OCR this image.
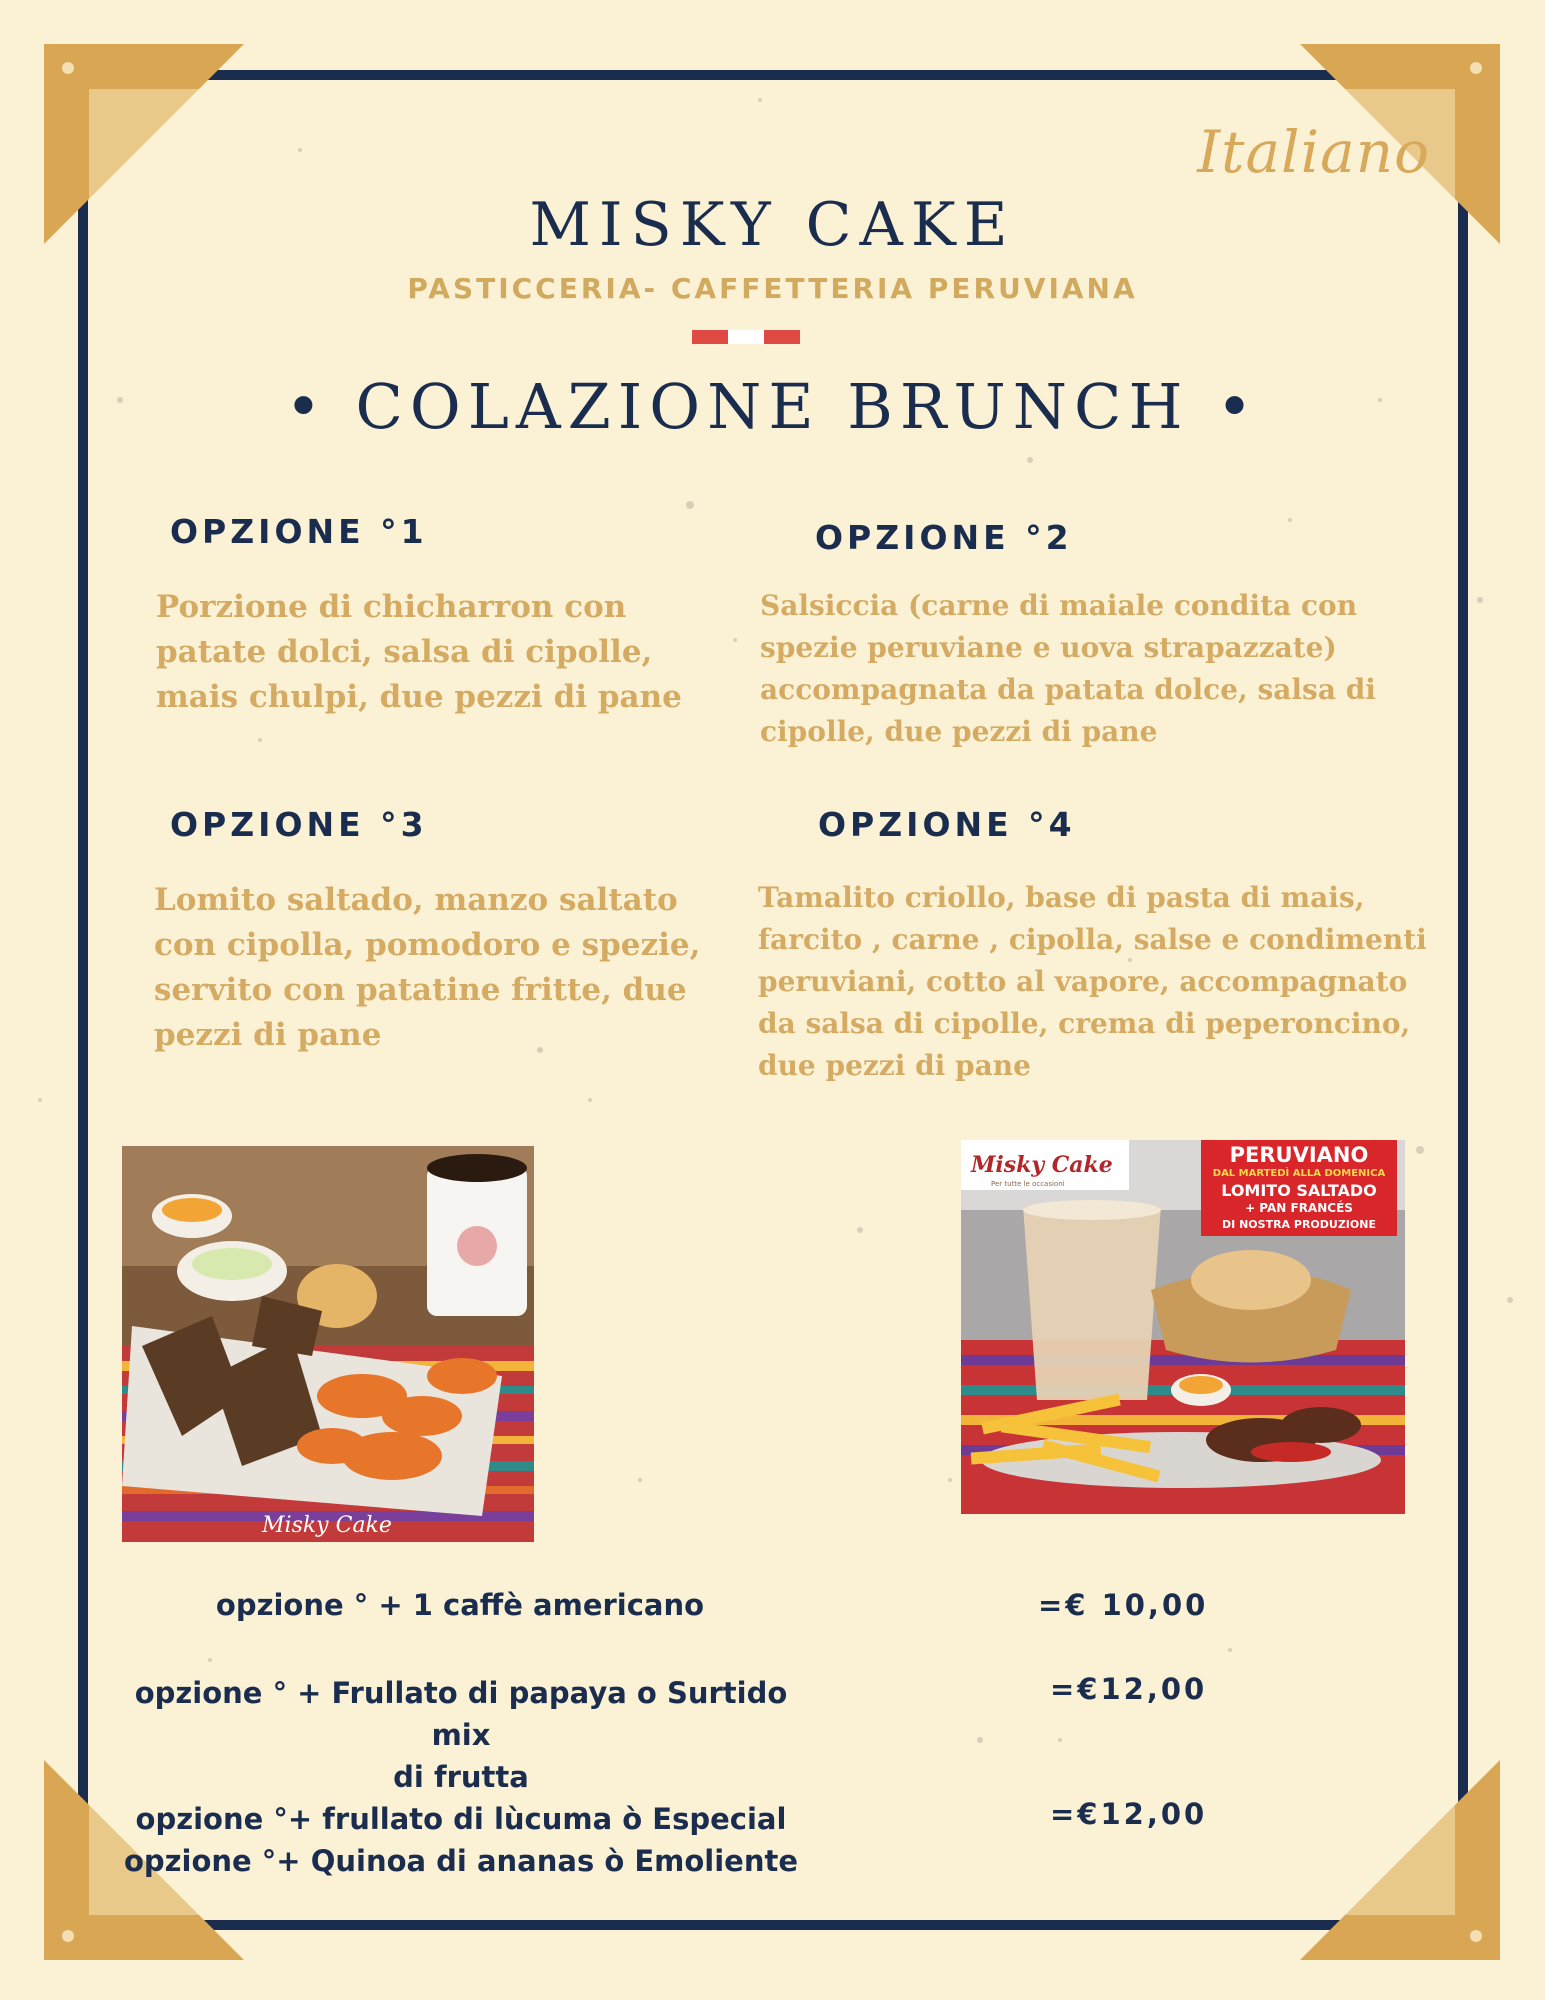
Italiano
MISKY CAKE
PASTICCERIA- CAFFETTERIA PERUVIANA
• COLAZIONE BRUNCH •
OPZIONE °1
Porzione di chicharron con patate dolci, salsa di cipolle, mais chulpi, due pezzi di pane
OPZIONE °2
Salsiccia (carne di maiale condita con spezie peruviane e uova strapazzate) accompagnata da patata dolce, salsa di cipolle, due pezzi di pane
OPZIONE °3
Lomito saltado, manzo saltato con cipolla, pomodoro e spezie, servito con patatine fritte, due pezzi di pane
OPZIONE °4
Tamalito criollo, base di pasta di mais, farcito , carne , cipolla, salse e condimenti peruviani, cotto al vapore, accompagnato da salsa di cipolle, crema di peperoncino, due pezzi di pane
Misky Cake
Misky Cake
Per tutte le occasioni
PERUVIANO
DAL MARTEDÌ ALLA DOMENICA
LOMITO SALTADO
+ PAN FRANCÉS
DI NOSTRA PRODUZIONE
opzione ° + 1 caffè americano	=€ 10,00
opzione ° + Frullato di papaya o Surtido mix
di frutta
opzione °+ frullato di lùcuma ò Especial
opzione °+ Quinoa di ananas ò Emoliente
=€12,00
=€12,00
